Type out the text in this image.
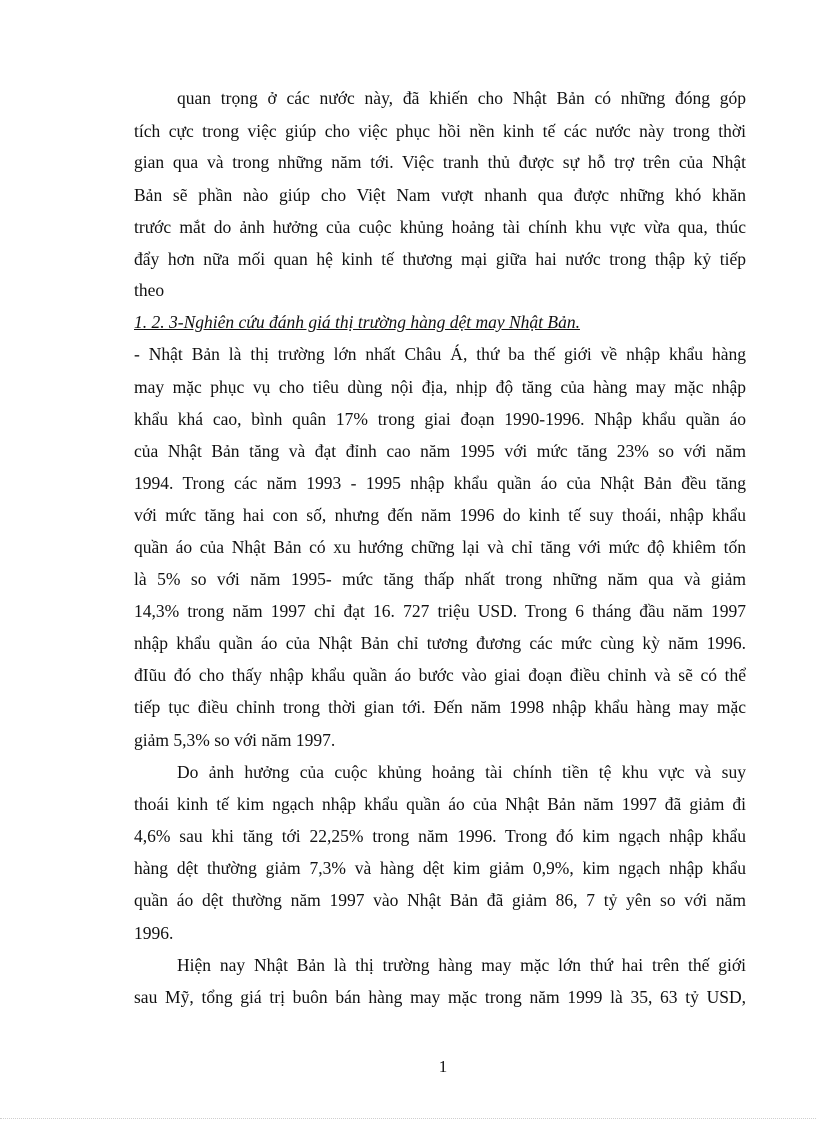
quan trọng ở các nước này, đã khiến cho Nhật Bản có những đóng góp
tích cực trong việc giúp cho việc phục hồi nền kinh tế các nước này trong thời
gian qua và trong những năm tới. Việc tranh thủ được sự hỗ trợ trên của Nhật
Bản sẽ phần nào giúp cho Việt Nam vượt nhanh qua được những khó khăn
trước mắt do ảnh hưởng của cuộc khủng hoảng tài chính khu vực vừa qua, thúc
đẩy hơn nữa mối quan hệ kinh tế thương mại giữa hai nước trong thập kỷ tiếp
theo
1. 2. 3-Nghiên cứu đánh giá thị trường hàng dệt may Nhật Bản.
- Nhật Bản là thị trường lớn nhất Châu Á, thứ ba thế giới về nhập khẩu hàng
may mặc phục vụ cho tiêu dùng nội địa, nhịp độ tăng của hàng may mặc nhập
khẩu khá cao, bình quân 17% trong giai đoạn 1990-1996. Nhập khẩu quần áo
của Nhật Bản tăng và đạt đỉnh cao năm 1995 với mức tăng 23% so với năm
1994. Trong các năm 1993 - 1995 nhập khẩu quần áo của Nhật Bản đều tăng
với mức tăng hai con số, nhưng đến năm 1996 do kinh tế suy thoái, nhập khẩu
quần áo của Nhật Bản có xu hướng chững lại và chỉ tăng với mức độ khiêm tốn
là 5% so với năm 1995- mức tăng thấp nhất trong những năm qua và giảm
14,3% trong năm 1997 chỉ đạt 16. 727 triệu USD. Trong 6 tháng đầu năm 1997
nhập khẩu quần áo của Nhật Bản chỉ tương đương các mức cùng kỳ năm 1996.
đIũu đó cho thấy nhập khẩu quần áo bước vào giai đoạn điều chỉnh và sẽ có thể
tiếp tục điều chỉnh trong thời gian tới. Đến năm 1998 nhập khẩu hàng may mặc
giảm 5,3% so với năm 1997.
Do ảnh hưởng của cuộc khủng hoảng tài chính tiền tệ khu vực và suy
thoái kinh tế kim ngạch nhập khẩu quần áo của Nhật Bản năm 1997 đã giảm đi
4,6% sau khi tăng tới 22,25% trong năm 1996. Trong đó kim ngạch nhập khẩu
hàng dệt thường giảm 7,3% và hàng dệt kim giảm 0,9%, kim ngạch nhập khẩu
quần áo dệt thường năm 1997 vào Nhật Bản đã giảm 86, 7 tỷ yên so với năm
1996.
Hiện nay Nhật Bản là thị trường hàng may mặc lớn thứ hai trên thế giới
sau Mỹ, tổng giá trị buôn bán hàng may mặc trong năm 1999 là 35, 63 tỷ USD,
1
